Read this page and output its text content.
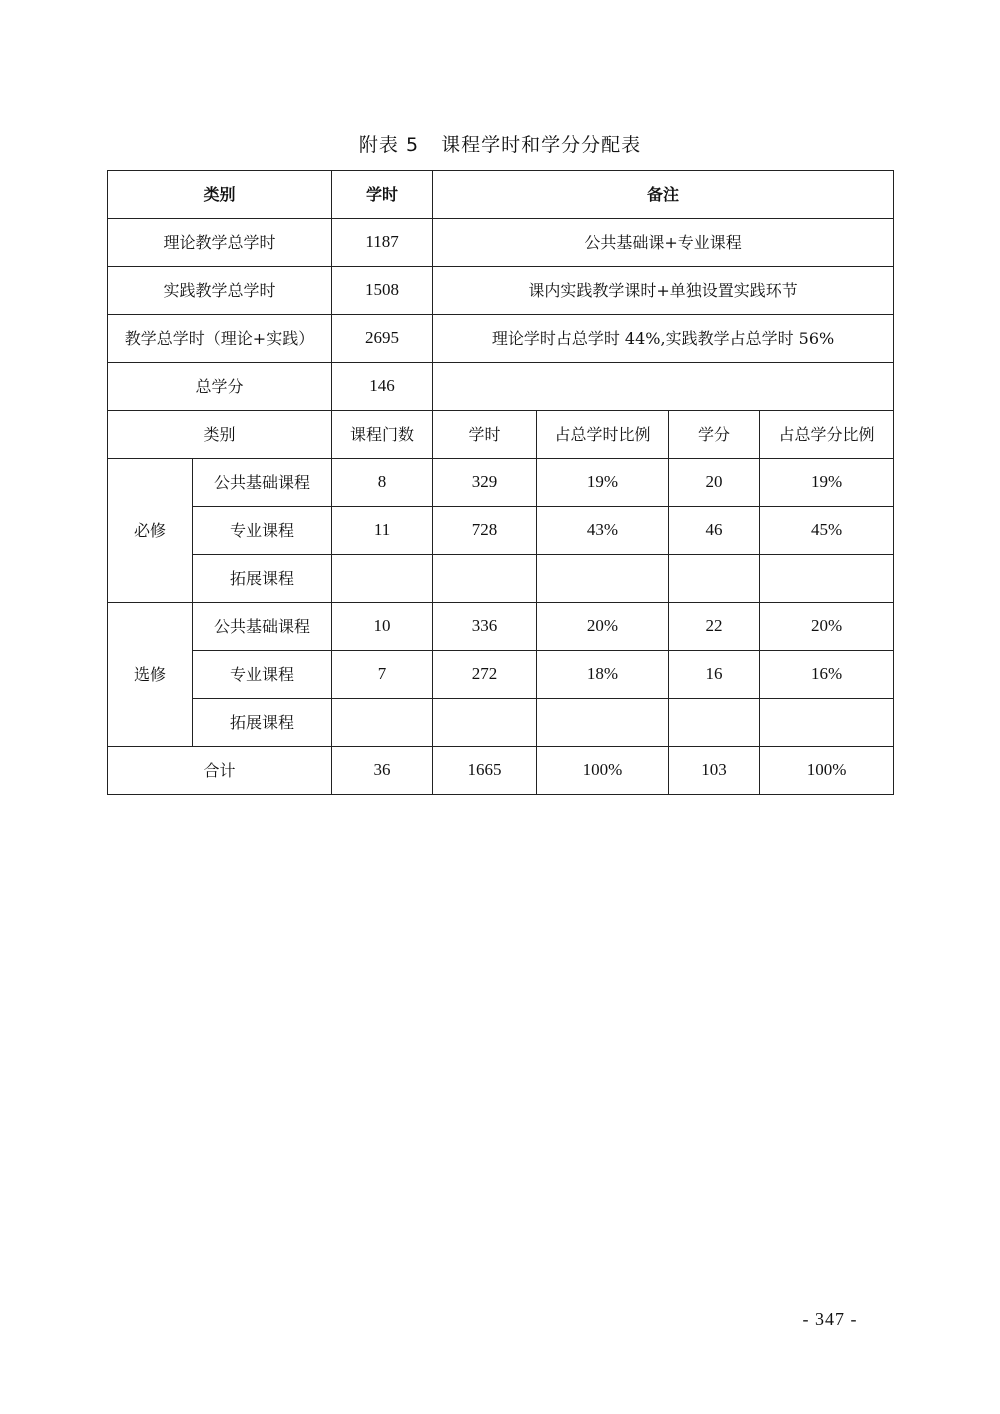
附表 5 课程学时和学分分配表
类别		学时	备注			
理论教学总学时		1187	公共基础课+专业课程			
实践教学总学时		1508	课内实践教学课时+单独设置实践环节			
教学总学时（理论+实践）		2695	理论学时占总学时 44%,实践教学占总学时 56%			
总学分		146				
类别		课程门数	学时	占总学时比例	学分	占总学分比例
必修	公共基础课程	8	329	19%	20	19%
	专业课程	11	728	43%	46	45%
	拓展课程					
选修	公共基础课程	10	336	20%	22	20%
	专业课程	7	272	18%	16	16%
	拓展课程					
合计		36	1665	100%	103	100%
- 347 -
